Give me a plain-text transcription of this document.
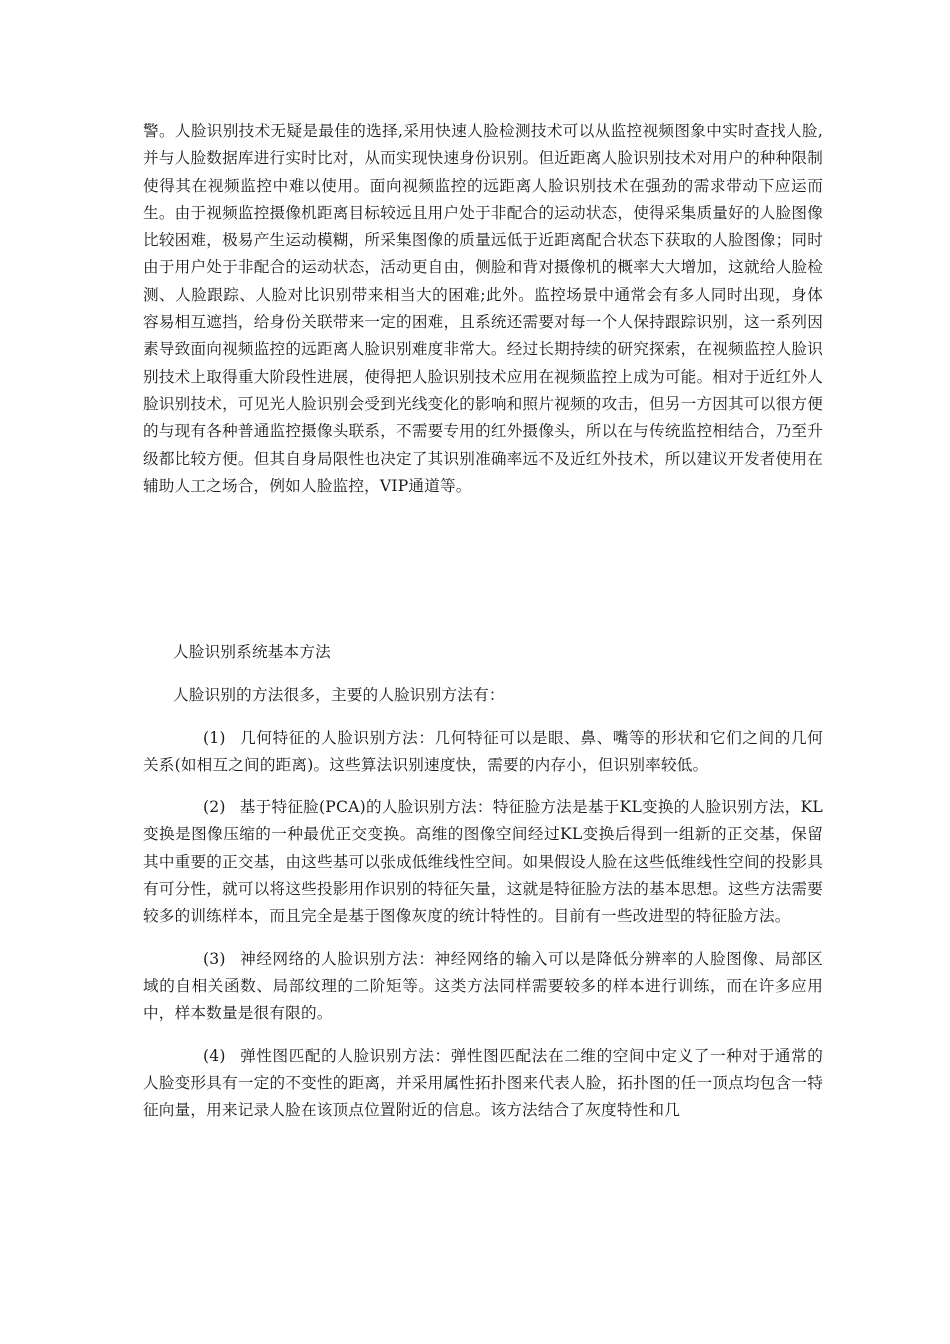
警。人脸识别技术无疑是最佳的选择,采用快速人脸检测技术可以从监控视频图象中实时查找人脸,并与人脸数据库进行实时比对，从而实现快速身份识别。但近距离人脸识别技术对用户的种种限制使得其在视频监控中难以使用。面向视频监控的远距离人脸识别技术在强劲的需求带动下应运而生。由于视频监控摄像机距离目标较远且用户处于非配合的运动状态，使得采集质量好的人脸图像比较困难，极易产生运动模糊，所采集图像的质量远低于近距离配合状态下获取的人脸图像；同时由于用户处于非配合的运动状态，活动更自由，侧脸和背对摄像机的概率大大增加，这就给人脸检测、人脸跟踪、人脸对比识别带来相当大的困难;此外。监控场景中通常会有多人同时出现，身体容易相互遮挡，给身份关联带来一定的困难，且系统还需要对每一个人保持跟踪识别，这一系列因素导致面向视频监控的远距离人脸识别难度非常大。经过长期持续的研究探索，在视频监控人脸识别技术上取得重大阶段性进展，使得把人脸识别技术应用在视频监控上成为可能。相对于近红外人脸识别技术，可见光人脸识别会受到光线变化的影响和照片视频的攻击，但另一方因其可以很方便的与现有各种普通监控摄像头联系，不需要专用的红外摄像头，所以在与传统监控相结合，乃至升级都比较方便。但其自身局限性也决定了其识别准确率远不及近红外技术，所以建议开发者使用在辅助人工之场合，例如人脸监控，VIP通道等。

人脸识别系统基本方法

人脸识别的方法很多，主要的人脸识别方法有：

(1) 几何特征的人脸识别方法：几何特征可以是眼、鼻、嘴等的形状和它们之间的几何关系(如相互之间的距离)。这些算法识别速度快，需要的内存小，但识别率较低。

(2) 基于特征脸(PCA)的人脸识别方法：特征脸方法是基于KL变换的人脸识别方法，KL变换是图像压缩的一种最优正交变换。高维的图像空间经过KL变换后得到一组新的正交基，保留其中重要的正交基，由这些基可以张成低维线性空间。如果假设人脸在这些低维线性空间的投影具有可分性，就可以将这些投影用作识别的特征矢量，这就是特征脸方法的基本思想。这些方法需要较多的训练样本，而且完全是基于图像灰度的统计特性的。目前有一些改进型的特征脸方法。

(3) 神经网络的人脸识别方法：神经网络的输入可以是降低分辨率的人脸图像、局部区域的自相关函数、局部纹理的二阶矩等。这类方法同样需要较多的样本进行训练，而在许多应用中，样本数量是很有限的。

(4) 弹性图匹配的人脸识别方法：弹性图匹配法在二维的空间中定义了一种对于通常的人脸变形具有一定的不变性的距离，并采用属性拓扑图来代表人脸，拓扑图的任一顶点均包含一特征向量，用来记录人脸在该顶点位置附近的信息。该方法结合了灰度特性和几
